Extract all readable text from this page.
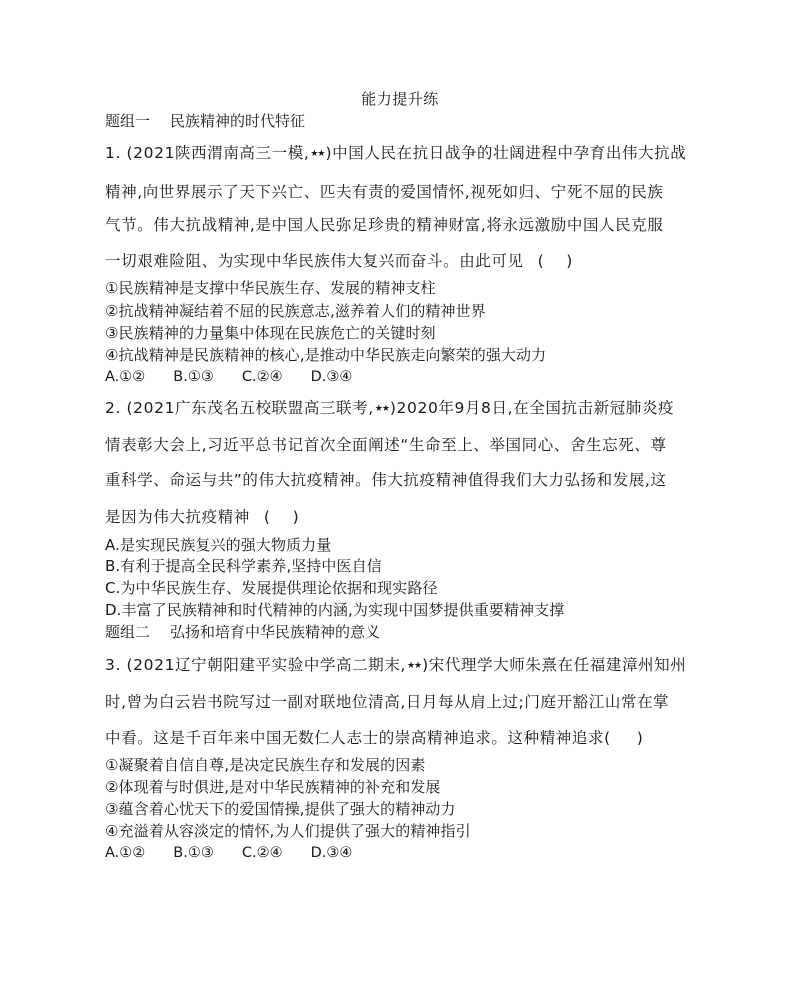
能力提升练
题组一 民族精神的时代特征
1. (2021陕西渭南高三一模,★★)中国人民在抗日战争的壮阔进程中孕育出伟大抗战
精神,向世界展示了天下兴亡、匹夫有责的爱国情怀,视死如归、宁死不屈的民族
气节。伟大抗战精神,是中国人民弥足珍贵的精神财富,将永远激励中国人民克服
一切艰难险阻、为实现中华民族伟大复兴而奋斗。由此可见 ( )
①民族精神是支撑中华民族生存、发展的精神支柱
②抗战精神凝结着不屈的民族意志,滋养着人们的精神世界
③民族精神的力量集中体现在民族危亡的关键时刻
④抗战精神是民族精神的核心,是推动中华民族走向繁荣的强大动力
A.①② B.①③ C.②④ D.③④
2. (2021广东茂名五校联盟高三联考,★★)2020年9月8日,在全国抗击新冠肺炎疫
情表彰大会上,习近平总书记首次全面阐述“生命至上、举国同心、舍生忘死、尊
重科学、命运与共”的伟大抗疫精神。伟大抗疫精神值得我们大力弘扬和发展,这
是因为伟大抗疫精神 ( )
A.是实现民族复兴的强大物质力量
B.有利于提高全民科学素养,坚持中医自信
C.为中华民族生存、发展提供理论依据和现实路径
D.丰富了民族精神和时代精神的内涵,为实现中国梦提供重要精神支撑
题组二 弘扬和培育中华民族精神的意义
3. (2021辽宁朝阳建平实验中学高二期末,★★)宋代理学大师朱熹在任福建漳州知州
时,曾为白云岩书院写过一副对联地位清高,日月每从肩上过;门庭开豁江山常在掌
中看。这是千百年来中国无数仁人志士的崇高精神追求。这种精神追求( )
①凝聚着自信自尊,是决定民族生存和发展的因素
②体现着与时俱进,是对中华民族精神的补充和发展
③蕴含着心忧天下的爱国情操,提供了强大的精神动力
④充溢着从容淡定的情怀,为人们提供了强大的精神指引
A.①② B.①③ C.②④ D.③④
